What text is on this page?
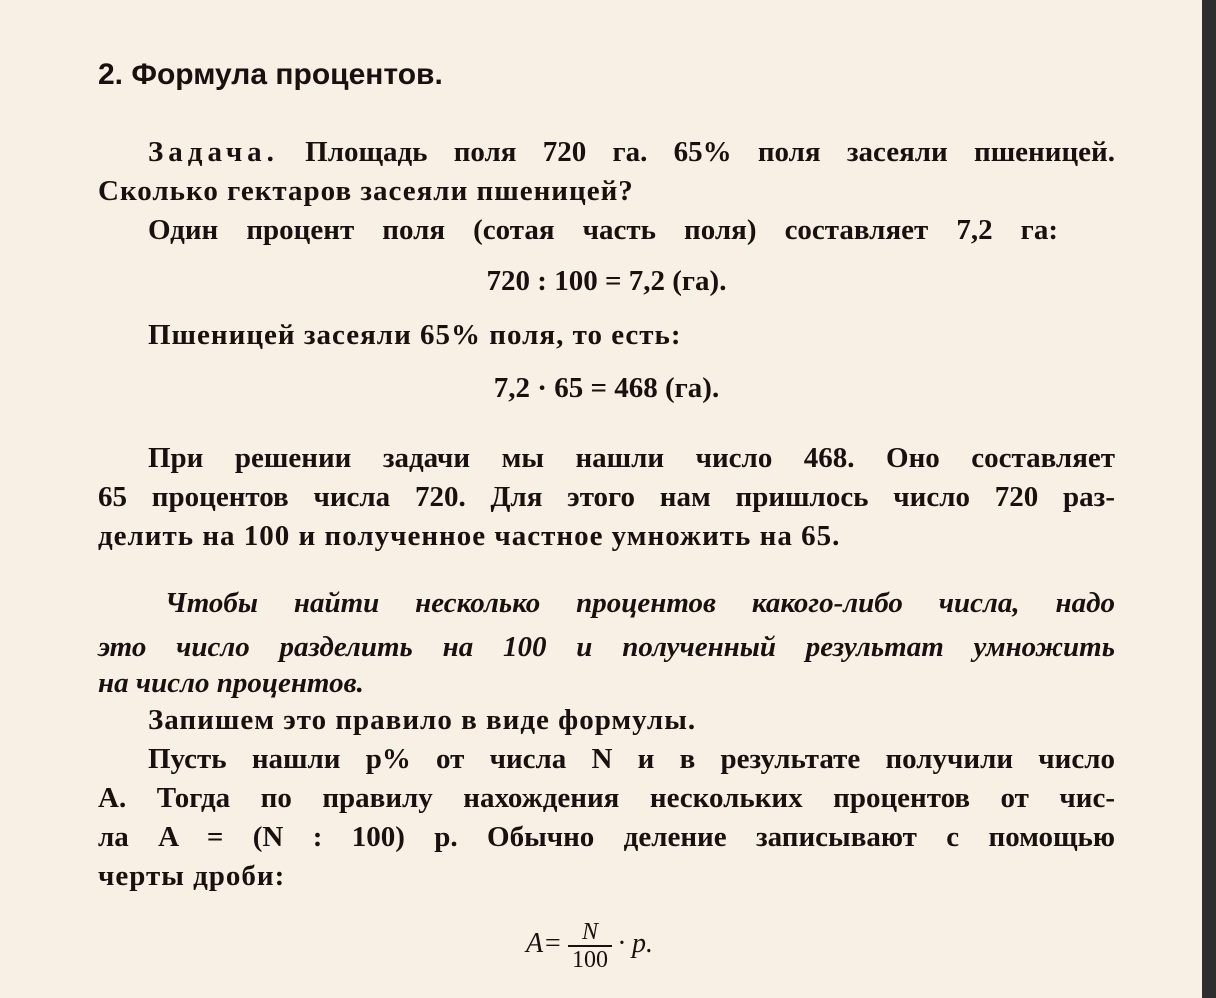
2. Формула процентов.
Задача. Площадь поля 720 га. 65% поля засеяли пшеницей.
Сколько гектаров засеяли пшеницей?
Один процент поля (сотая часть поля) составляет 7,2 га:
720 : 100 = 7,2 (га).
Пшеницей засеяли 65% поля, то есть:
7,2 · 65 = 468 (га).
При решении задачи мы нашли число 468. Оно составляет
65 процентов числа 720. Для этого нам пришлось число 720 раз-
делить на 100 и полученное частное умножить на 65.
Чтобы найти несколько процентов какого-либо числа, надо
это число разделить на 100 и полученный результат умножить
на число процентов.
Запишем это правило в виде формулы.
Пусть нашли p% от числа N и в результате получили число
A. Тогда по правилу нахождения нескольких процентов от чис-
ла A = (N : 100) p. Обычно деление записывают с помощью
черты дроби:
$A= \frac{N}{100} \cdot p$.
